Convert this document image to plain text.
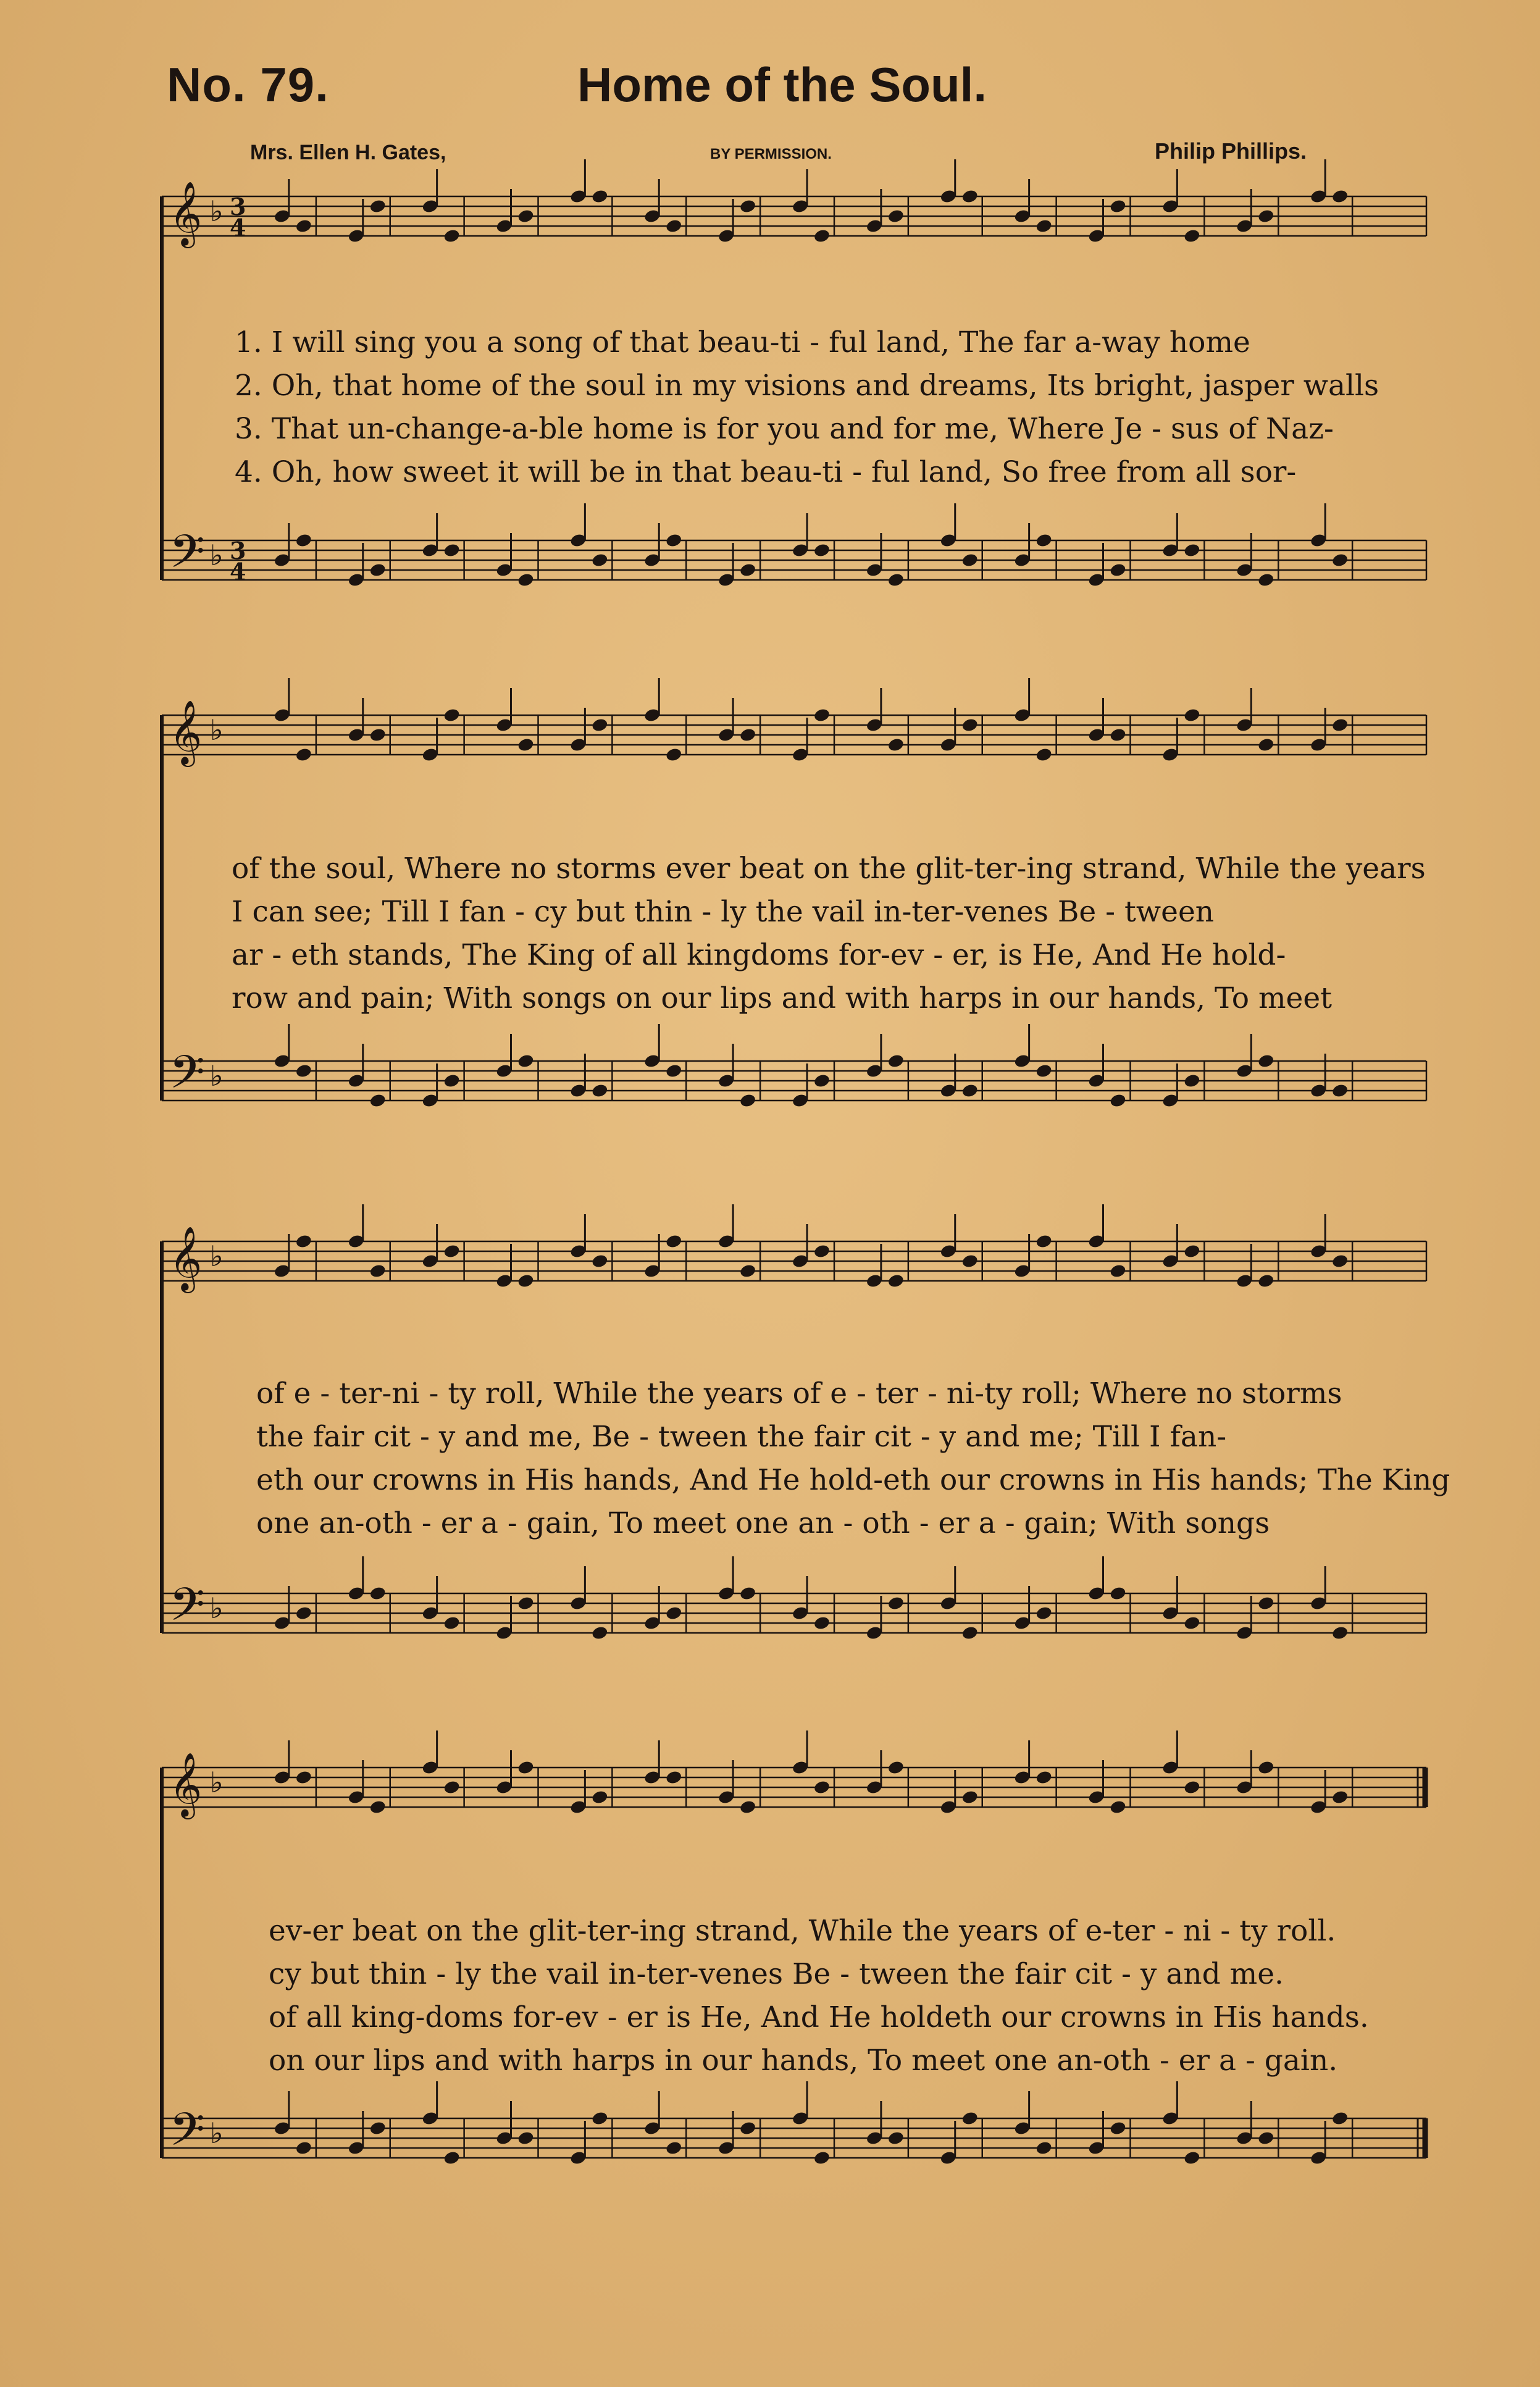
No. 79.	Home of the Soul.
Mrs. Ellen H. Gates,	BY PERMISSION.	Philip Phillips.
𝄞 ♭ 3
4
𝄢 ♭ 3
4
𝄞 ♭
𝄢 ♭
𝄞 ♭
𝄢 ♭
𝄞 ♭
𝄢 ♭
1. I will sing you a song of that beau-ti - ful land, The far a-way home
2. Oh, that home of the soul in my visions and dreams, Its bright, jasper walls
3. That un-change-a-ble home is for you and for me, Where Je - sus of Naz-
4. Oh, how sweet it will be in that beau-ti - ful land, So free from all sor-
of the soul, Where no storms ever beat on the glit-ter-ing strand, While the years
I can see; Till I fan - cy but thin - ly the vail in-ter-venes Be - tween
ar - eth stands, The King of all kingdoms for-ev - er, is He, And He hold-
row and pain; With songs on our lips and with harps in our hands, To meet
of e - ter-ni - ty roll, While the years of e - ter - ni-ty roll; Where no storms
the fair cit - y and me, Be - tween the fair cit - y and me; Till I fan-
eth our crowns in His hands, And He hold-eth our crowns in His hands; The King
one an-oth - er a - gain, To meet one an - oth - er a - gain; With songs
ev-er beat on the glit-ter-ing strand, While the years of e-ter - ni - ty roll.
cy but thin - ly the vail in-ter-venes Be - tween the fair cit - y and me.
of all king-doms for-ev - er is He, And He holdeth our crowns in His hands.
on our lips and with harps in our hands, To meet one an-oth - er a - gain.
